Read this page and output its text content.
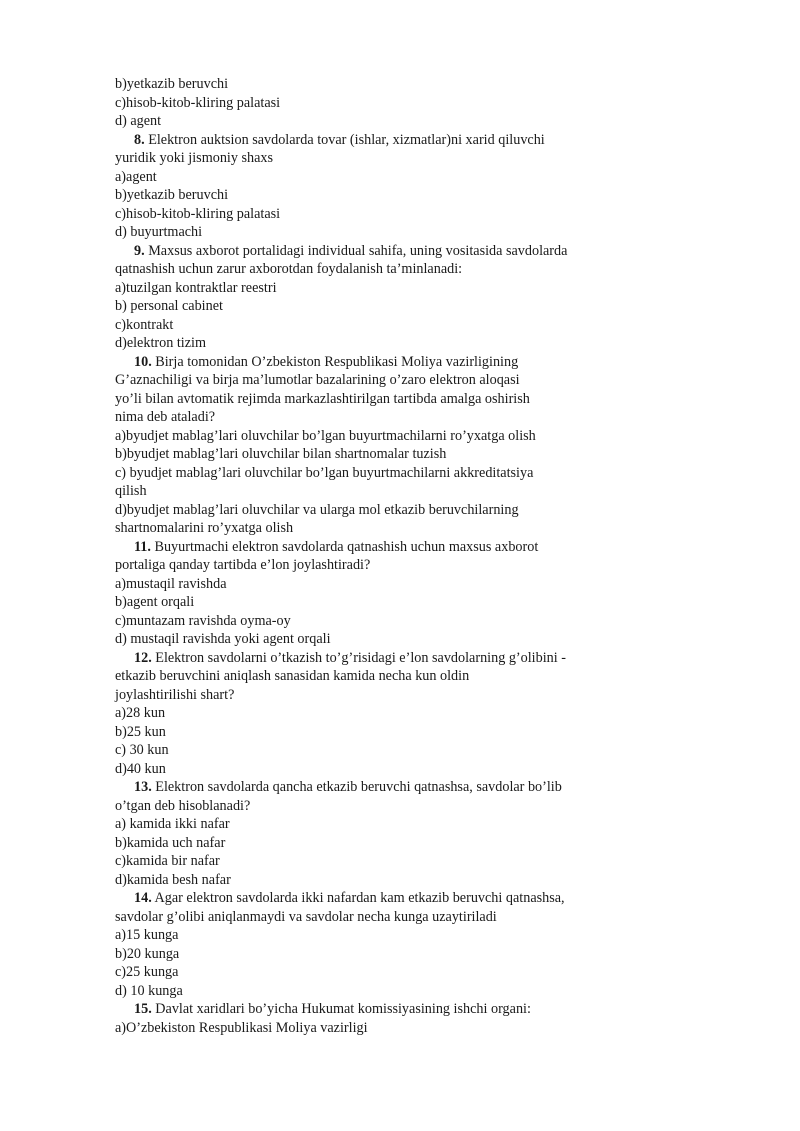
b)yetkazib beruvchi
c)hisob-kitob-kliring palatasi
d) agent
8. Elektron auktsion savdolarda tovar (ishlar, xizmatlar)ni xarid qiluvchi
yuridik yoki jismoniy shaxs
a)agent
b)yetkazib beruvchi
c)hisob-kitob-kliring palatasi
d) buyurtmachi
9. Maxsus axborot portalidagi individual sahifa, uning vositasida savdolarda
qatnashish uchun zarur axborotdan foydalanish ta’minlanadi:
a)tuzilgan kontraktlar reestri
b) personal cabinet
c)kontrakt
d)elektron tizim
10. Birja tomonidan O’zbekiston Respublikasi Moliya vazirligining
G’aznachiligi va birja ma’lumotlar bazalarining o’zaro elektron aloqasi
yo’li bilan avtomatik rejimda markazlashtirilgan tartibda amalga oshirish
nima deb ataladi?
a)byudjet mablag’lari oluvchilar bo’lgan buyurtmachilarni ro’yxatga olish
b)byudjet mablag’lari oluvchilar bilan shartnomalar tuzish
c) byudjet mablag’lari oluvchilar bo’lgan buyurtmachilarni akkreditatsiya
qilish
d)byudjet mablag’lari oluvchilar va ularga mol etkazib beruvchilarning
shartnomalarini ro’yxatga olish
11. Buyurtmachi elektron savdolarda qatnashish uchun maxsus axborot
portaliga qanday tartibda e’lon joylashtiradi?
a)mustaqil ravishda
b)agent orqali
c)muntazam ravishda oyma-oy
d) mustaqil ravishda yoki agent orqali
12. Elektron savdolarni o’tkazish to’g’risidagi e’lon savdolarning g’olibini -
etkazib beruvchini aniqlash sanasidan kamida necha kun oldin
joylashtirilishi shart?
a)28 kun
b)25 kun
c) 30 kun
d)40 kun
13. Elektron savdolarda qancha etkazib beruvchi qatnashsa, savdolar bo’lib
o’tgan deb hisoblanadi?
a) kamida ikki nafar
b)kamida uch nafar
c)kamida bir nafar
d)kamida besh nafar
14. Agar elektron savdolarda ikki nafardan kam etkazib beruvchi qatnashsa,
savdolar g’olibi aniqlanmaydi va savdolar necha kunga uzaytiriladi
a)15 kunga
b)20 kunga
c)25 kunga
d) 10 kunga
15. Davlat xaridlari bo’yicha Hukumat komissiyasining ishchi organi:
a)O’zbekiston Respublikasi Moliya vazirligi
